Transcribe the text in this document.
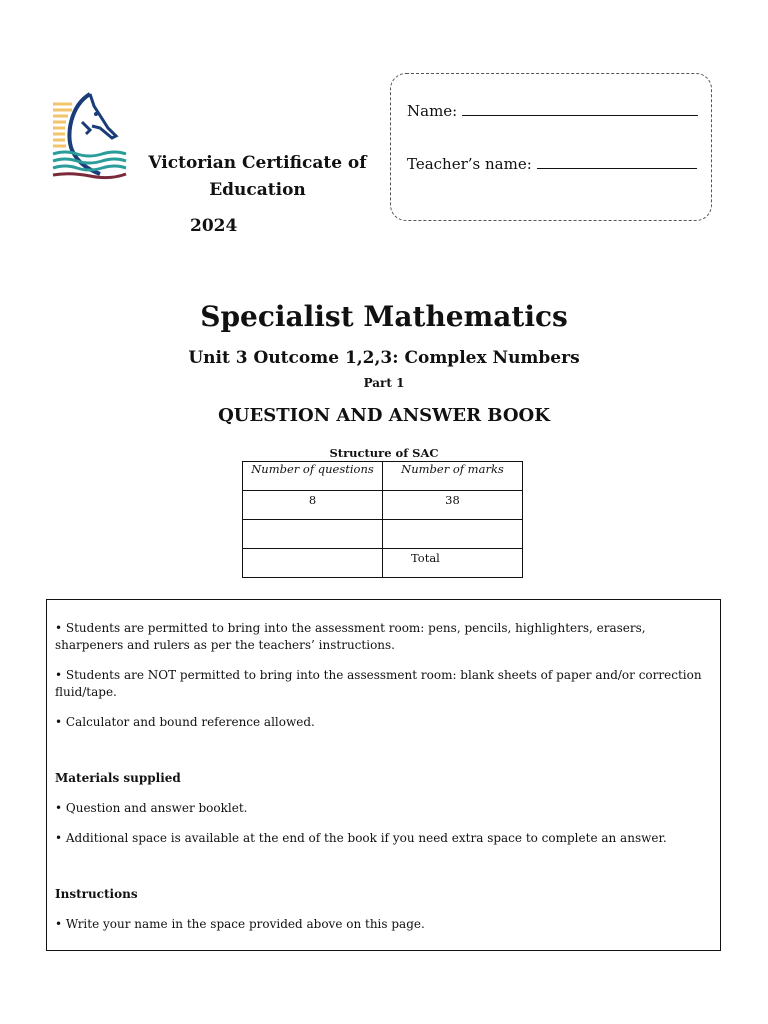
Victorian Certificate of
Education
2024
Name:
Teacher’s name:
Specialist Mathematics
Unit 3 Outcome 1,2,3: Complex Numbers
Part 1
QUESTION AND ANSWER BOOK
Structure of SAC
Number of questions	Number of marks
8	38

	Total

• Students are permitted to bring into the assessment room: pens, pencils, highlighters, erasers, sharpeners and rulers as per the teachers’ instructions.

• Students are NOT permitted to bring into the assessment room: blank sheets of paper and/or correction fluid/tape.

• Calculator and bound reference allowed.

Materials supplied

• Question and answer booklet.

• Additional space is available at the end of the book if you need extra space to complete an answer.

Instructions

• Write your name in the space provided above on this page.
